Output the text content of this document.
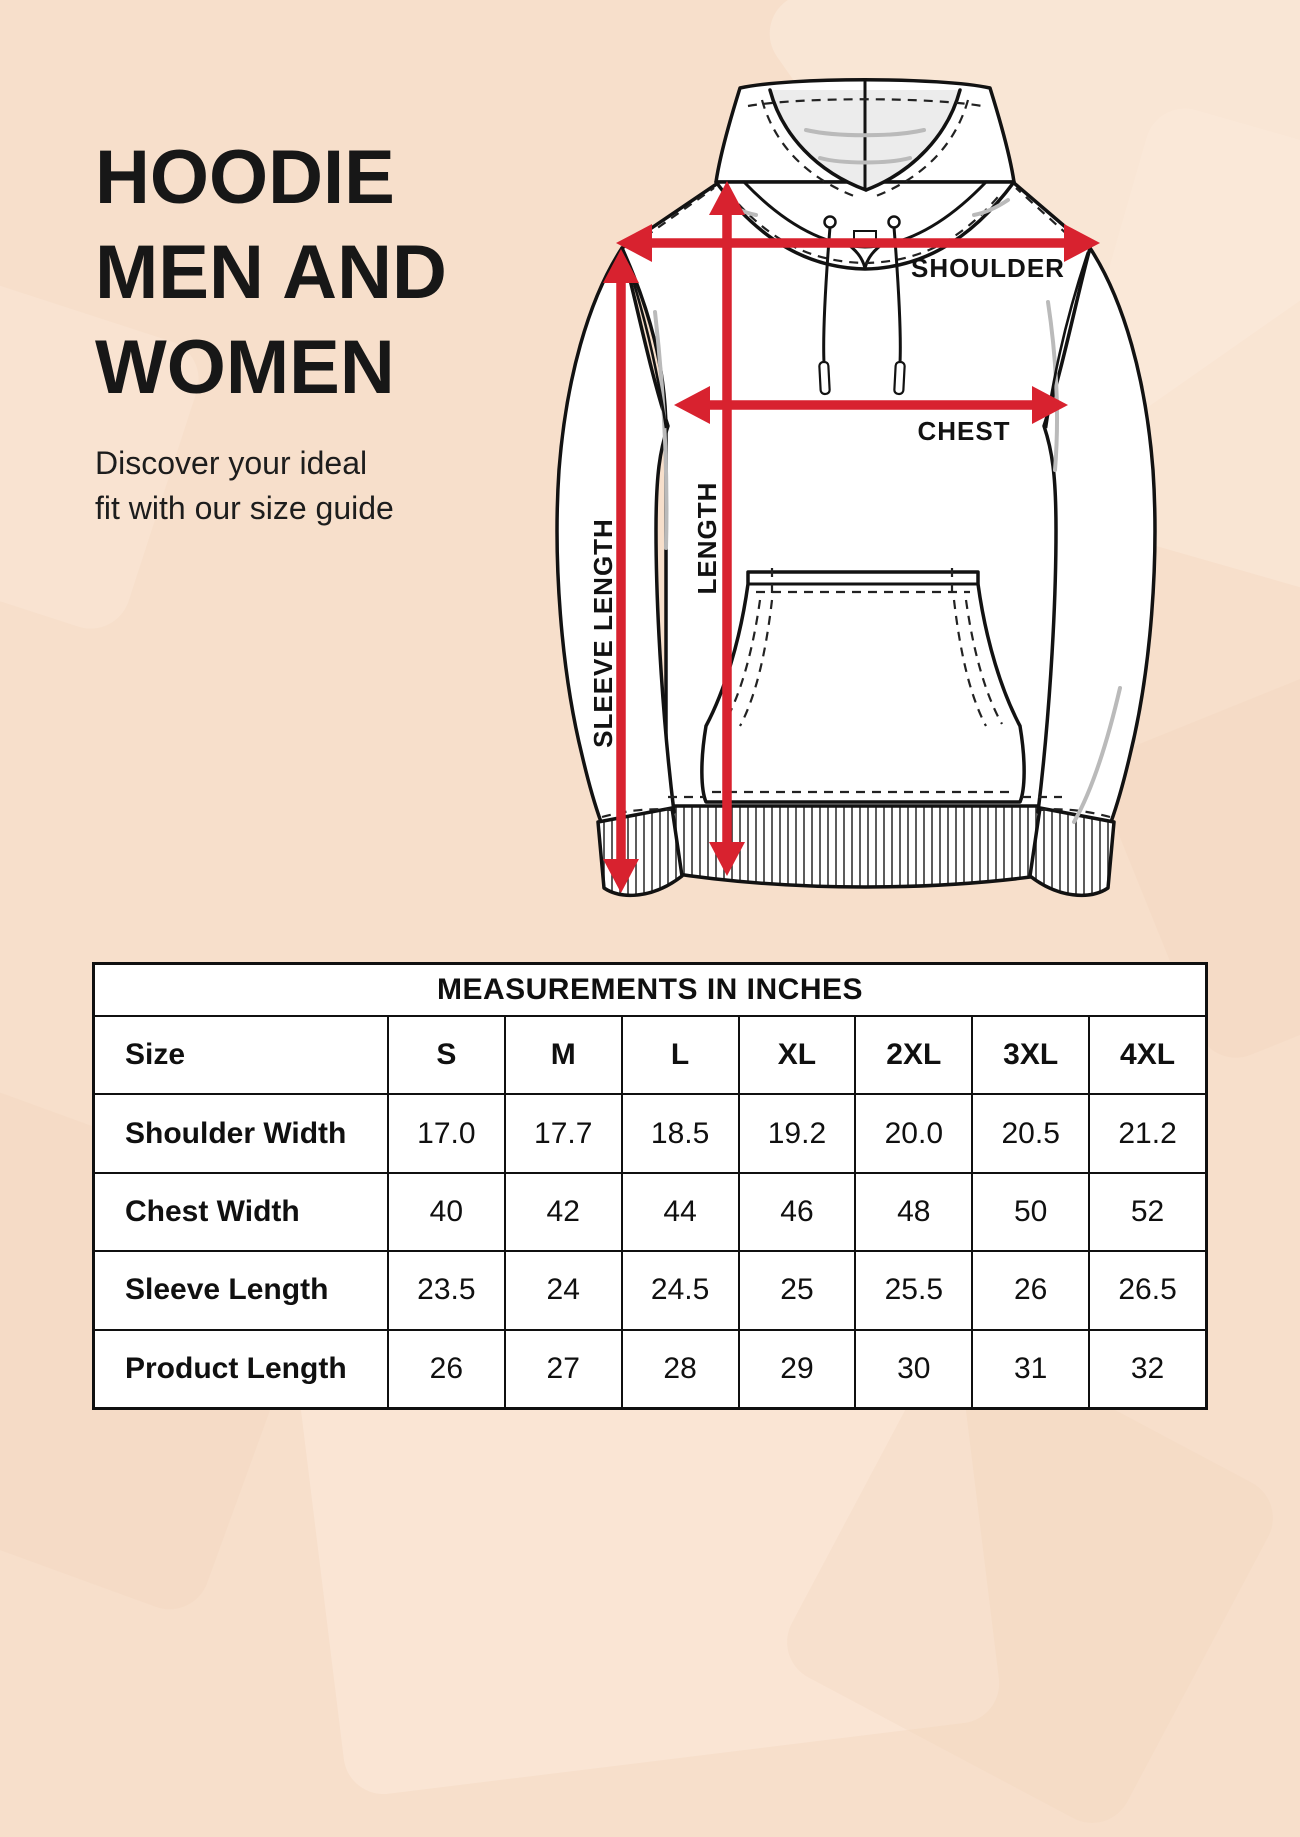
SHOULDER
CHEST
LENGTH
SLEEVE LENGTH
HOODIE
MEN AND
WOMEN
Discover your ideal
fit with our size guide
MEASUREMENTS IN INCHES
Size	S	M	L	XL	2XL	3XL	4XL
Shoulder Width	17.0	17.7	18.5	19.2	20.0	20.5	21.2
Chest Width	40	42	44	46	48	50	52
Sleeve Length	23.5	24	24.5	25	25.5	26	26.5
Product Length	26	27	28	29	30	31	32
